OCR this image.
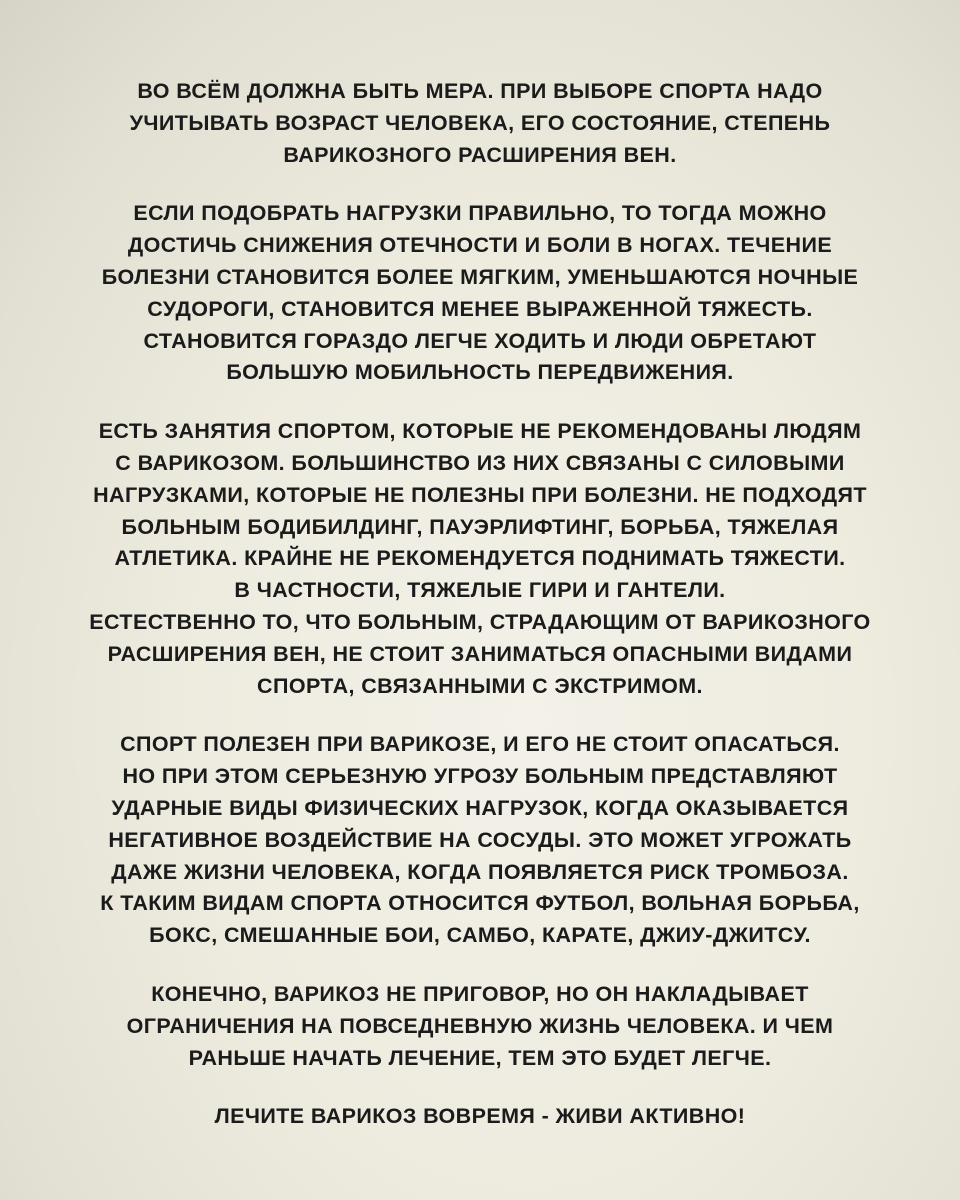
ВО ВСЁМ ДОЛЖНА БЫТЬ МЕРА. ПРИ ВЫБОРЕ СПОРТА НАДО
УЧИТЫВАТЬ ВОЗРАСТ ЧЕЛОВЕКА, ЕГО СОСТОЯНИЕ, СТЕПЕНЬ
ВАРИКОЗНОГО РАСШИРЕНИЯ ВЕН.

ЕСЛИ ПОДОБРАТЬ НАГРУЗКИ ПРАВИЛЬНО, ТО ТОГДА МОЖНО
ДОСТИЧЬ СНИЖЕНИЯ ОТЕЧНОСТИ И БОЛИ В НОГАХ. ТЕЧЕНИЕ
БОЛЕЗНИ СТАНОВИТСЯ БОЛЕЕ МЯГКИМ, УМЕНЬШАЮТСЯ НОЧНЫЕ
СУДОРОГИ, СТАНОВИТСЯ МЕНЕЕ ВЫРАЖЕННОЙ ТЯЖЕСТЬ.
СТАНОВИТСЯ ГОРАЗДО ЛЕГЧЕ ХОДИТЬ И ЛЮДИ ОБРЕТАЮТ
БОЛЬШУЮ МОБИЛЬНОСТЬ ПЕРЕДВИЖЕНИЯ.

ЕСТЬ ЗАНЯТИЯ СПОРТОМ, КОТОРЫЕ НЕ РЕКОМЕНДОВАНЫ ЛЮДЯМ
С ВАРИКОЗОМ. БОЛЬШИНСТВО ИЗ НИХ СВЯЗАНЫ С СИЛОВЫМИ
НАГРУЗКАМИ, КОТОРЫЕ НЕ ПОЛЕЗНЫ ПРИ БОЛЕЗНИ. НЕ ПОДХОДЯТ
БОЛЬНЫМ БОДИБИЛДИНГ, ПАУЭРЛИФТИНГ, БОРЬБА, ТЯЖЕЛАЯ
АТЛЕТИКА. КРАЙНЕ НЕ РЕКОМЕНДУЕТСЯ ПОДНИМАТЬ ТЯЖЕСТИ.
В ЧАСТНОСТИ, ТЯЖЕЛЫЕ ГИРИ И ГАНТЕЛИ.
ЕСТЕСТВЕННО ТО, ЧТО БОЛЬНЫМ, СТРАДАЮЩИМ ОТ ВАРИКОЗНОГО
РАСШИРЕНИЯ ВЕН, НЕ СТОИТ ЗАНИМАТЬСЯ ОПАСНЫМИ ВИДАМИ
СПОРТА, СВЯЗАННЫМИ С ЭКСТРИМОМ.

СПОРТ ПОЛЕЗЕН ПРИ ВАРИКОЗЕ, И ЕГО НЕ СТОИТ ОПАСАТЬСЯ.
НО ПРИ ЭТОМ СЕРЬЕЗНУЮ УГРОЗУ БОЛЬНЫМ ПРЕДСТАВЛЯЮТ
УДАРНЫЕ ВИДЫ ФИЗИЧЕСКИХ НАГРУЗОК, КОГДА ОКАЗЫВАЕТСЯ
НЕГАТИВНОЕ ВОЗДЕЙСТВИЕ НА СОСУДЫ. ЭТО МОЖЕТ УГРОЖАТЬ
ДАЖЕ ЖИЗНИ ЧЕЛОВЕКА, КОГДА ПОЯВЛЯЕТСЯ РИСК ТРОМБОЗА.
К ТАКИМ ВИДАМ СПОРТА ОТНОСИТСЯ ФУТБОЛ, ВОЛЬНАЯ БОРЬБА,
БОКС, СМЕШАННЫЕ БОИ, САМБО, КАРАТЕ, ДЖИУ-ДЖИТСУ.

КОНЕЧНО, ВАРИКОЗ НЕ ПРИГОВОР, НО ОН НАКЛАДЫВАЕТ
ОГРАНИЧЕНИЯ НА ПОВСЕДНЕВНУЮ ЖИЗНЬ ЧЕЛОВЕКА. И ЧЕМ
РАНЬШЕ НАЧАТЬ ЛЕЧЕНИЕ, ТЕМ ЭТО БУДЕТ ЛЕГЧЕ.

ЛЕЧИТЕ ВАРИКОЗ ВОВРЕМЯ - ЖИВИ АКТИВНО!
